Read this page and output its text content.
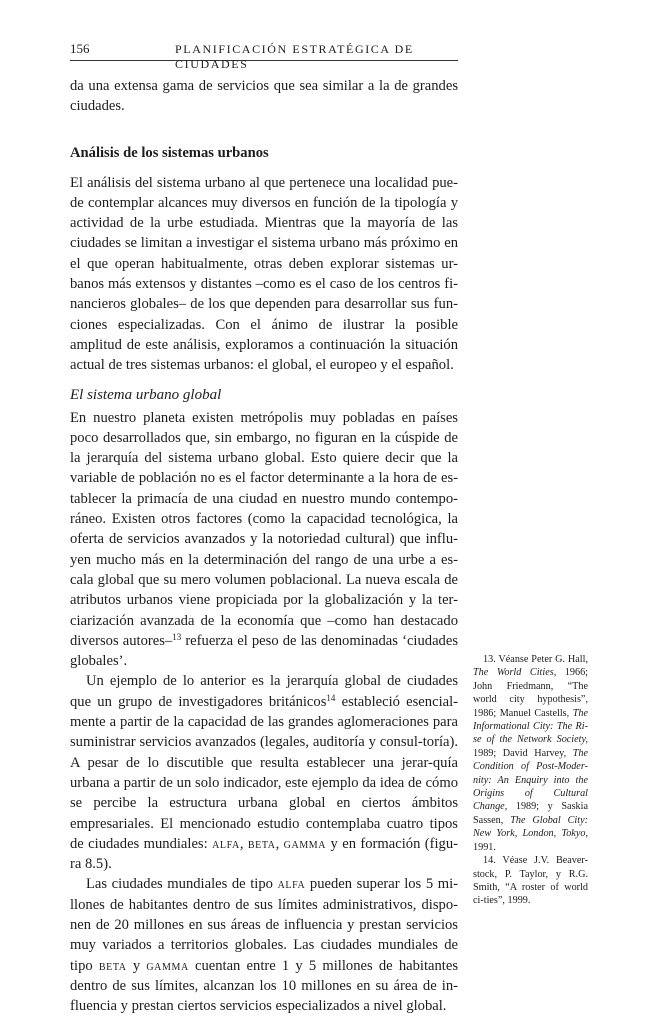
156	PLANIFICACIÓN ESTRATÉGICA DE CIUDADES

da una extensa gama de servicios que sea similar a la de grandes ciudades.

Análisis de los sistemas urbanos

El análisis del sistema urbano al que pertenece una localidad pue-de contemplar alcances muy diversos en función de la tipología y actividad de la urbe estudiada. Mientras que la mayoría de las ciudades se limitan a investigar el sistema urbano más próximo en el que operan habitualmente, otras deben explorar sistemas ur-banos más extensos y distantes –como es el caso de los centros fi-nancieros globales– de los que dependen para desarrollar sus fun-ciones especializadas. Con el ánimo de ilustrar la posible amplitud de este análisis, exploramos a continuación la situación actual de tres sistemas urbanos: el global, el europeo y el español.

El sistema urbano global

En nuestro planeta existen metrópolis muy pobladas en países poco desarrollados que, sin embargo, no figuran en la cúspide de la jerarquía del sistema urbano global. Esto quiere decir que la variable de población no es el factor determinante a la hora de es-tablecer la primacía de una ciudad en nuestro mundo contempo-ráneo. Existen otros factores (como la capacidad tecnológica, la oferta de servicios avanzados y la notoriedad cultural) que influ-yen mucho más en la determinación del rango de una urbe a es-cala global que su mero volumen poblacional. La nueva escala de atributos urbanos viene propiciada por la globalización y la ter-ciarización avanzada de la economía que –como han destacado diversos autores–$^{13}$ refuerza el peso de las denominadas ‘ciudades globales’.

Un ejemplo de lo anterior es la jerarquía global de ciudades que un grupo de investigadores británicos$^{14}$ estableció esencial-mente a partir de la capacidad de las grandes aglomeraciones para suministrar servicios avanzados (legales, auditoría y consul-toría). A pesar de lo discutible que resulta establecer una jerar-quía urbana a partir de un solo indicador, este ejemplo da idea de cómo se percibe la estructura urbana global en ciertos ámbitos empresariales. El mencionado estudio contemplaba cuatro tipos de ciudades mundiales: alfa, beta, gamma y en formación (figu-ra 8.5).

Las ciudades mundiales de tipo alfa pueden superar los 5 mi-llones de habitantes dentro de sus límites administrativos, dispo-nen de 20 millones en sus áreas de influencia y prestan servicios muy variados a territorios globales. Las ciudades mundiales de tipo beta y gamma cuentan entre 1 y 5 millones de habitantes dentro de sus límites, alcanzan los 10 millones en su área de in-fluencia y prestan ciertos servicios especializados a nivel global.

13. Véanse Peter G. Hall, The World Cities, 1966; John Friedmann, “The world city hypothesis”, 1986; Manuel Castells, The Informational City: The Ri-se of the Network Society, 1989; David Harvey, The Condition of Post-Moder-nity: An Enquiry into the Origins of Cultural Change, 1989; y Saskia Sassen, The Global City: New York, London, Tokyo, 1991.

14. Véase J.V. Beaver-stock, P. Taylor, y R.G. Smith, “A roster of world ci-ties”, 1999.
